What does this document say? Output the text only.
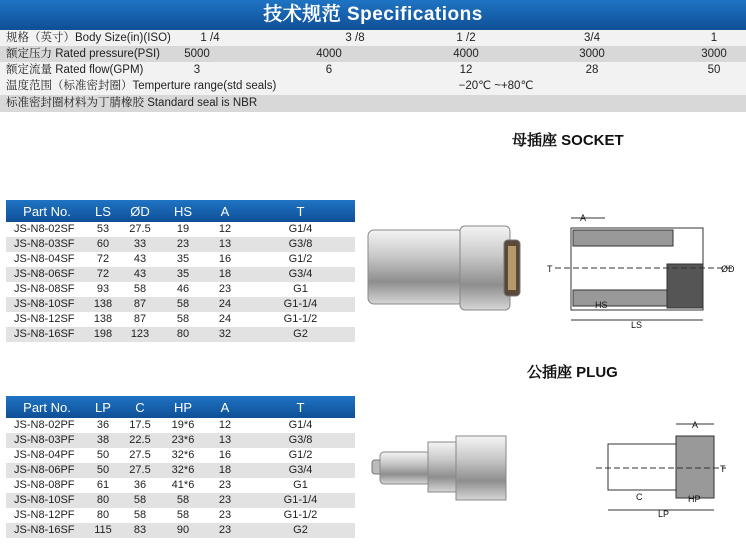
技术规范 Specifications
规格（英寸）Body Size(in)(ISO)	1 /4	3 /8	1 /2	3/4	1
额定压力 Rated pressure(PSI) 5000	4000	4000	3000	3000
额定流量 Rated flow(GPM)	3	6	12	28	50
温度范围（标准密封圈）Temperture range(std seals)	−20℃ ~+80℃
标准密封圈材料为丁腈橡胶 Standard seal is NBR
母插座 SOCKET
公插座 PLUG
Part No.	LS	ØD	HS	A	T
JS-N8-02SF	53	27.5	19	12	G1/4
JS-N8-03SF	60	33	23	13	G3/8
JS-N8-04SF	72	43	35	16	G1/2
JS-N8-06SF	72	43	35	18	G3/4
JS-N8-08SF	93	58	46	23	G1
JS-N8-10SF	138	87	58	24	G1-1/4
JS-N8-12SF	138	87	58	24	G1-1/2
JS-N8-16SF	198	123	80	32	G2
Part No.	LP	C	HP	A	T
JS-N8-02PF	36	17.5	19*6	12	G1/4
JS-N8-03PF	38	22.5	23*6	13	G3/8
JS-N8-04PF	50	27.5	32*6	16	G1/2
JS-N8-06PF	50	27.5	32*6	18	G3/4
JS-N8-08PF	61	36	41*6	23	G1
JS-N8-10SF	80	58	58	23	G1-1/4
JS-N8-12PF	80	58	58	23	G1-1/2
JS-N8-16SF	115	83	90	23	G2
A
T
HS
LS
ØD
A
T
C	HP
LP
